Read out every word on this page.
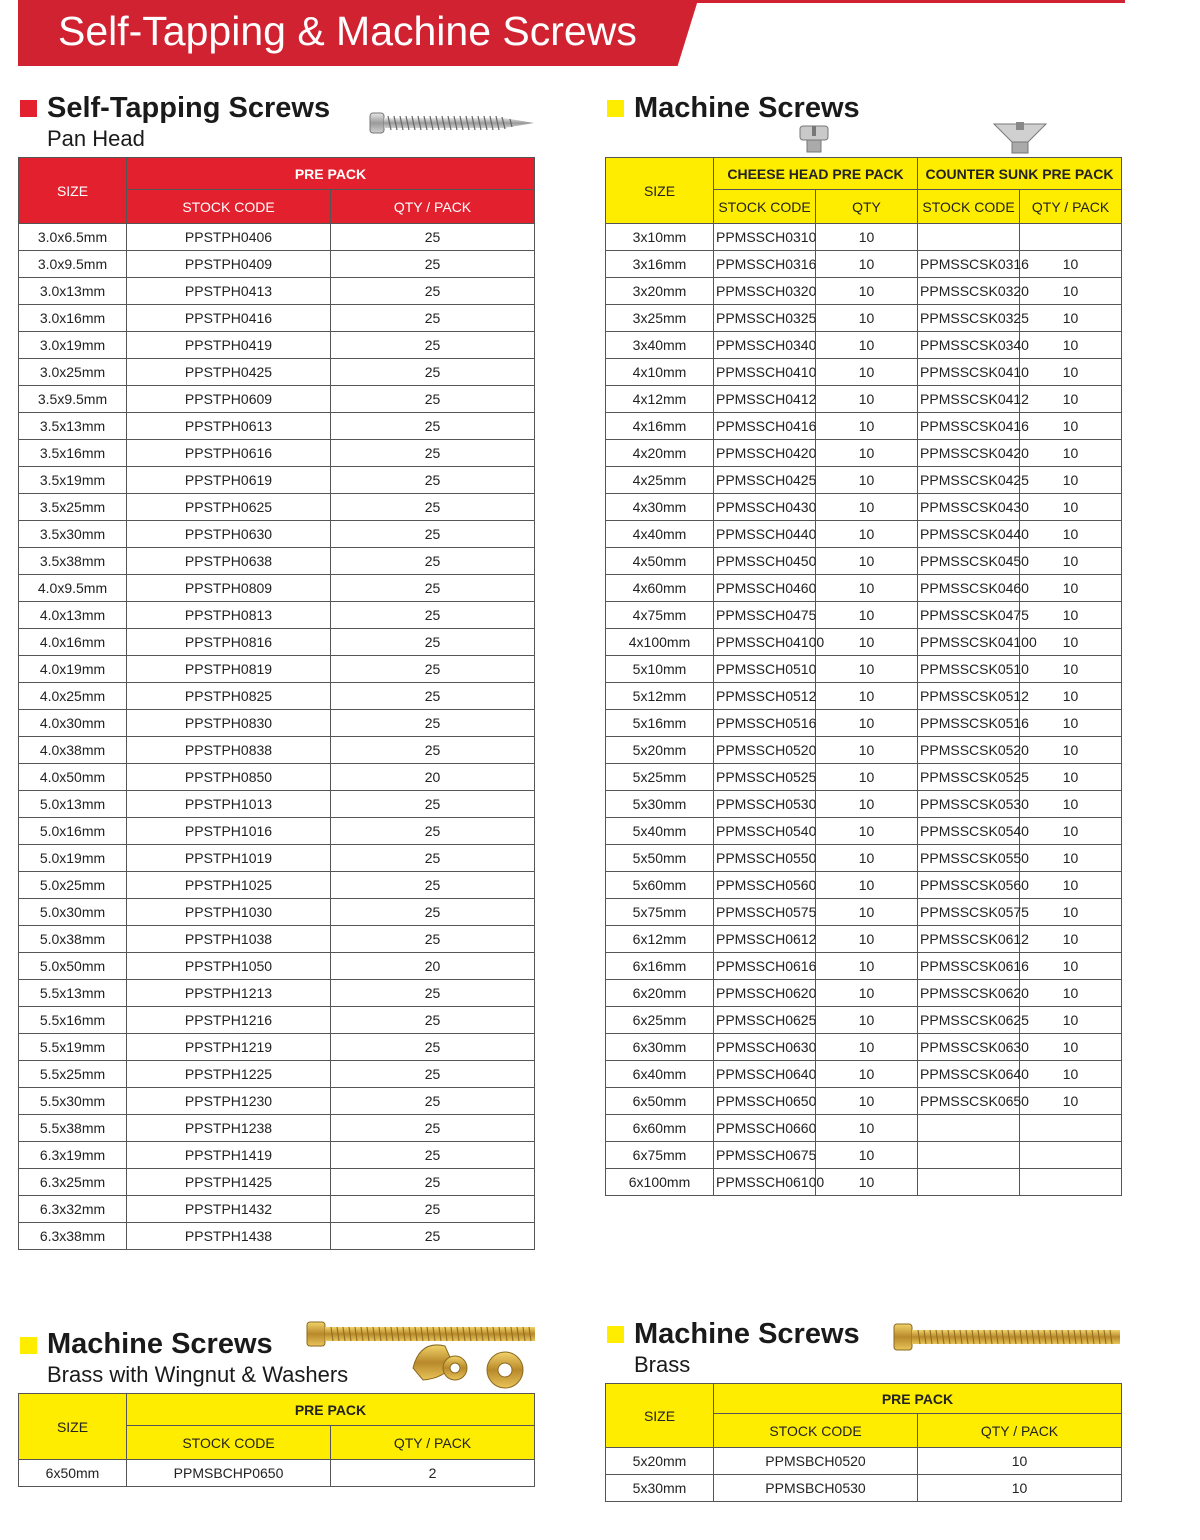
Self-Tapping & Machine Screws
Self-Tapping Screws
Pan Head
SIZE	PRE PACK	
	STOCK CODE	QTY / PACK
3.0x6.5mm	PPSTPH0406	25
3.0x9.5mm	PPSTPH0409	25
3.0x13mm	PPSTPH0413	25
3.0x16mm	PPSTPH0416	25
3.0x19mm	PPSTPH0419	25
3.0x25mm	PPSTPH0425	25
3.5x9.5mm	PPSTPH0609	25
3.5x13mm	PPSTPH0613	25
3.5x16mm	PPSTPH0616	25
3.5x19mm	PPSTPH0619	25
3.5x25mm	PPSTPH0625	25
3.5x30mm	PPSTPH0630	25
3.5x38mm	PPSTPH0638	25
4.0x9.5mm	PPSTPH0809	25
4.0x13mm	PPSTPH0813	25
4.0x16mm	PPSTPH0816	25
4.0x19mm	PPSTPH0819	25
4.0x25mm	PPSTPH0825	25
4.0x30mm	PPSTPH0830	25
4.0x38mm	PPSTPH0838	25
4.0x50mm	PPSTPH0850	20
5.0x13mm	PPSTPH1013	25
5.0x16mm	PPSTPH1016	25
5.0x19mm	PPSTPH1019	25
5.0x25mm	PPSTPH1025	25
5.0x30mm	PPSTPH1030	25
5.0x38mm	PPSTPH1038	25
5.0x50mm	PPSTPH1050	20
5.5x13mm	PPSTPH1213	25
5.5x16mm	PPSTPH1216	25
5.5x19mm	PPSTPH1219	25
5.5x25mm	PPSTPH1225	25
5.5x30mm	PPSTPH1230	25
5.5x38mm	PPSTPH1238	25
6.3x19mm	PPSTPH1419	25
6.3x25mm	PPSTPH1425	25
6.3x32mm	PPSTPH1432	25
6.3x38mm	PPSTPH1438	25
Machine Screws
SIZE	CHEESE HEAD PRE PACK		COUNTER SUNK PRE PACK	
	STOCK CODE	QTY	STOCK CODE	QTY / PACK
3x10mm	PPMSSCH0310	10		
3x16mm	PPMSSCH0316	10	PPMSSCSK0316	10
3x20mm	PPMSSCH0320	10	PPMSSCSK0320	10
3x25mm	PPMSSCH0325	10	PPMSSCSK0325	10
3x40mm	PPMSSCH0340	10	PPMSSCSK0340	10
4x10mm	PPMSSCH0410	10	PPMSSCSK0410	10
4x12mm	PPMSSCH0412	10	PPMSSCSK0412	10
4x16mm	PPMSSCH0416	10	PPMSSCSK0416	10
4x20mm	PPMSSCH0420	10	PPMSSCSK0420	10
4x25mm	PPMSSCH0425	10	PPMSSCSK0425	10
4x30mm	PPMSSCH0430	10	PPMSSCSK0430	10
4x40mm	PPMSSCH0440	10	PPMSSCSK0440	10
4x50mm	PPMSSCH0450	10	PPMSSCSK0450	10
4x60mm	PPMSSCH0460	10	PPMSSCSK0460	10
4x75mm	PPMSSCH0475	10	PPMSSCSK0475	10
4x100mm	PPMSSCH04100	10	PPMSSCSK04100	10
5x10mm	PPMSSCH0510	10	PPMSSCSK0510	10
5x12mm	PPMSSCH0512	10	PPMSSCSK0512	10
5x16mm	PPMSSCH0516	10	PPMSSCSK0516	10
5x20mm	PPMSSCH0520	10	PPMSSCSK0520	10
5x25mm	PPMSSCH0525	10	PPMSSCSK0525	10
5x30mm	PPMSSCH0530	10	PPMSSCSK0530	10
5x40mm	PPMSSCH0540	10	PPMSSCSK0540	10
5x50mm	PPMSSCH0550	10	PPMSSCSK0550	10
5x60mm	PPMSSCH0560	10	PPMSSCSK0560	10
5x75mm	PPMSSCH0575	10	PPMSSCSK0575	10
6x12mm	PPMSSCH0612	10	PPMSSCSK0612	10
6x16mm	PPMSSCH0616	10	PPMSSCSK0616	10
6x20mm	PPMSSCH0620	10	PPMSSCSK0620	10
6x25mm	PPMSSCH0625	10	PPMSSCSK0625	10
6x30mm	PPMSSCH0630	10	PPMSSCSK0630	10
6x40mm	PPMSSCH0640	10	PPMSSCSK0640	10
6x50mm	PPMSSCH0650	10	PPMSSCSK0650	10
6x60mm	PPMSSCH0660	10		
6x75mm	PPMSSCH0675	10		
6x100mm	PPMSSCH06100	10		
Machine Screws
Brass with Wingnut & Washers
SIZE	PRE PACK	
	STOCK CODE	QTY / PACK
6x50mm	PPMSBCHP0650	2
Machine Screws
Brass
SIZE	PRE PACK	
	STOCK CODE	QTY / PACK
5x20mm	PPMSBCH0520	10
5x30mm	PPMSBCH0530	10
